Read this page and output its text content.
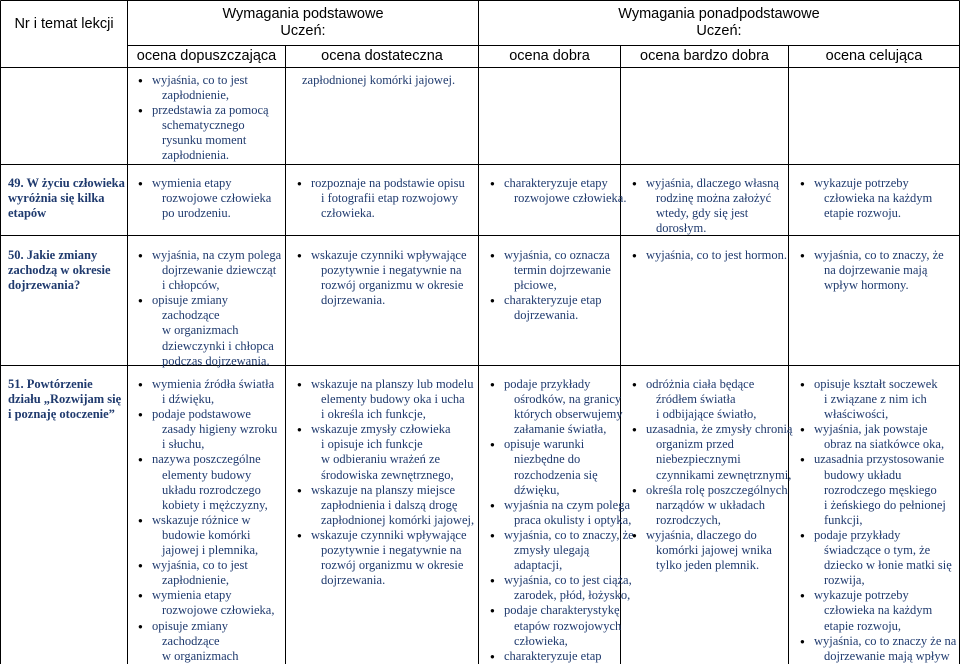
Nr i temat lekcji
Wymagania podstawowe
Uczeń:
Wymagania ponadpodstawowe
Uczeń:
ocena dopuszczająca	ocena dostateczna	ocena dobra	ocena bardzo dobra	ocena celująca
● wyjaśnia, co to jest
zapłodnienie,
● przedstawia za pomocą
schematycznego
rysunku moment
zapłodnienia.
zapłodnionej komórki jajowej.
49. W życiu człowieka
wyróżnia się kilka
etapów
● wymienia etapy
rozwojowe człowieka
po urodzeniu.
● rozpoznaje na podstawie opisu
i fotografii etap rozwojowy
człowieka.
● charakteryzuje etapy
rozwojowe człowieka.
● wyjaśnia, dlaczego własną
rodzinę można założyć
wtedy, gdy się jest
dorosłym.
● wykazuje potrzeby
człowieka na każdym
etapie rozwoju.
50. Jakie zmiany
zachodzą w okresie
dojrzewania?
● wyjaśnia, na czym polega
dojrzewanie dziewcząt
i chłopców,
● opisuje zmiany
zachodzące
w organizmach
dziewczynki i chłopca
podczas dojrzewania.
● wskazuje czynniki wpływające
pozytywnie i negatywnie na
rozwój organizmu w okresie
dojrzewania.
● wyjaśnia, co oznacza
termin dojrzewanie
płciowe,
● charakteryzuje etap
dojrzewania.
● wyjaśnia, co to jest hormon.
●	wyjaśnia, co to znaczy, że
na dojrzewanie mają
wpływ hormony.
51. Powtórzenie
działu „Rozwijam się
i poznaję otoczenie”
● wymienia źródła światła
i dźwięku,
● podaje podstawowe
zasady higieny wzroku
i słuchu,
● nazywa poszczególne
elementy budowy
układu rozrodczego
kobiety i mężczyzny,
● wskazuje różnice w
budowie komórki
jajowej i plemnika,
● wyjaśnia, co to jest
zapłodnienie,
● wymienia etapy
rozwojowe człowieka,
● opisuje zmiany
zachodzące
w organizmach
● wskazuje na planszy lub modelu
elementy budowy oka i ucha
i określa ich funkcje,
● wskazuje zmysły człowieka
i opisuje ich funkcje
w odbieraniu wrażeń ze
środowiska zewnętrznego,
● wskazuje na planszy miejsce
zapłodnienia i dalszą drogę
zapłodnionej komórki jajowej,
● wskazuje czynniki wpływające
pozytywnie i negatywnie na
rozwój organizmu w okresie
dojrzewania.
● podaje przykłady
ośrodków, na granicy
których obserwujemy
załamanie światła,
● opisuje warunki
niezbędne do
rozchodzenia się
dźwięku,
● wyjaśnia na czym polega
praca okulisty i optyka,
● wyjaśnia, co to znaczy, że
zmysły ulegają
adaptacji,
● wyjaśnia, co to jest ciąża,
zarodek, płód, łożysko,
● podaje charakterystykę
etapów rozwojowych
człowieka,
● charakteryzuje etap
● odróżnia ciała będące
źródłem światła
i odbijające światło,
● uzasadnia, że zmysły chronią
organizm przed
niebezpiecznymi
czynnikami zewnętrznymi,
● określa rolę poszczególnych
narządów w układach
rozrodczych,
● wyjaśnia, dlaczego do
komórki jajowej wnika
tylko jeden plemnik.
● opisuje kształt soczewek
i związane z nim ich
właściwości,
● wyjaśnia, jak powstaje
obraz na siatkówce oka,
● uzasadnia przystosowanie
budowy układu
rozrodczego męskiego
i żeńskiego do pełnionej
funkcji,
● podaje przykłady
świadczące o tym, że
dziecko w łonie matki się
rozwija,
● wykazuje potrzeby
człowieka na każdym
etapie rozwoju,
● wyjaśnia, co to znaczy że na
dojrzewanie mają wpływ
